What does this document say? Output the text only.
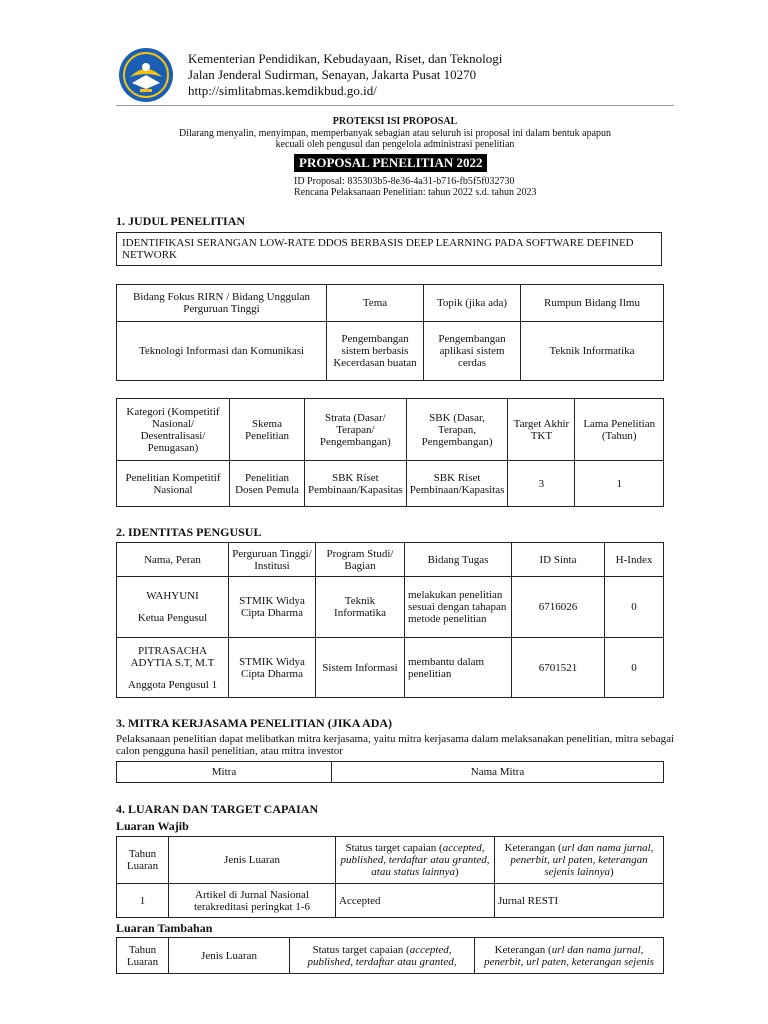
Kementerian Pendidikan, Kebudayaan, Riset, dan Teknologi
Jalan Jenderal Sudirman, Senayan, Jakarta Pusat 10270
http://simlitabmas.kemdikbud.go.id/
PROTEKSI ISI PROPOSAL
Dilarang menyalin, menyimpan, memperbanyak sebagian atau seluruh isi proposal ini dalam bentuk apapun
kecuali oleh pengusul dan pengelola administrasi penelitian
PROPOSAL PENELITIAN 2022
ID Proposal: 835303b5-8e36-4a31-b716-fb5f5f032730
Rencana Pelaksanaan Penelitian: tahun 2022 s.d. tahun 2023
1. JUDUL PENELITIAN
IDENTIFIKASI SERANGAN LOW-RATE DDOS BERBASIS DEEP LEARNING PADA SOFTWARE DEFINED NETWORK
Bidang Fokus RIRN / Bidang Unggulan Perguruan Tinggi	Tema	Topik (jika ada)	Rumpun Bidang Ilmu
Teknologi Informasi dan Komunikasi	Pengembangan sistem berbasis Kecerdasan buatan	Pengembangan aplikasi sistem cerdas	Teknik Informatika
Kategori (Kompetitif Nasional/ Desentralisasi/ Penugasan)	Skema Penelitian	Strata (Dasar/ Terapan/ Pengembangan)	SBK (Dasar, Terapan, Pengembangan)	Target Akhir TKT	Lama Penelitian (Tahun)
Penelitian Kompetitif Nasional	Penelitian Dosen Pemula	SBK Riset Pembinaan/Kapasitas	SBK Riset Pembinaan/Kapasitas	3	1
2. IDENTITAS PENGUSUL
Nama, Peran	Perguruan Tinggi/ Institusi	Program Studi/ Bagian	Bidang Tugas	ID Sinta	H-Index

WAHYUNI
Ketua Pengusul	STMIK Widya Cipta Dharma	Teknik Informatika	melakukan penelitian sesuai dengan tahapan metode penelitian	6716026	0

PITRASACHA ADYTIA S.T, M.T
Anggota Pengusul 1	STMIK Widya Cipta Dharma	Sistem Informasi	membantu dalam penelitian	6701521	0
3. MITRA KERJASAMA PENELITIAN (JIKA ADA)
Pelaksanaan penelitian dapat melibatkan mitra kerjasama, yaitu mitra kerjasama dalam melaksanakan penelitian, mitra sebagai calon pengguna hasil penelitian, atau mitra investor
Mitra	Nama Mitra
4. LUARAN DAN TARGET CAPAIAN
Luaran Wajib
Tahun Luaran	Jenis Luaran	Status target capaian (accepted, published, terdaftar atau granted, atau status lainnya)	Keterangan (url dan nama jurnal, penerbit, url paten, keterangan sejenis lainnya)
1	Artikel di Jurnal Nasional terakreditasi peringkat 1-6	Accepted	Jurnal RESTI
Luaran Tambahan
Tahun Luaran	Jenis Luaran	Status target capaian (accepted, published, terdaftar atau granted,	Keterangan (url dan nama jurnal, penerbit, url paten, keterangan sejenis
